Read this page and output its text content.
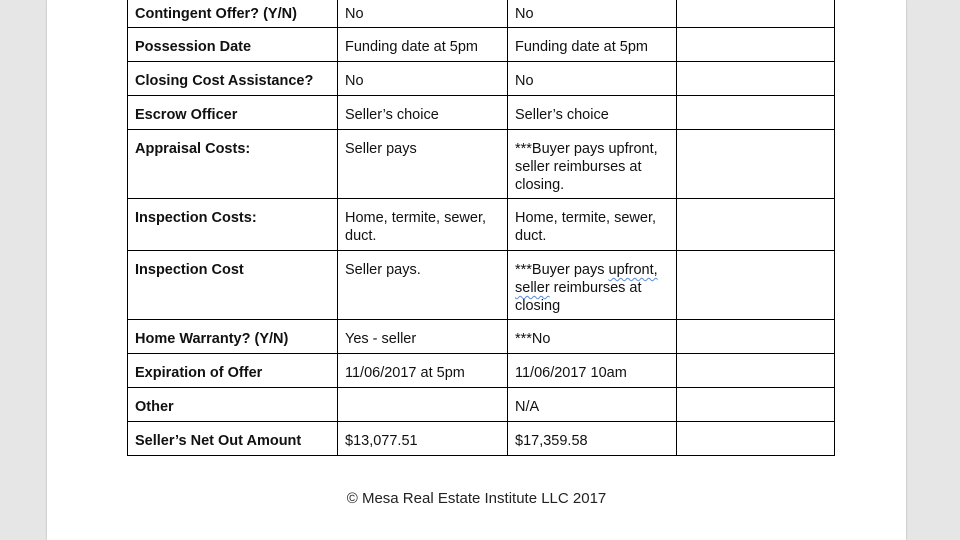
Contingent Offer? (Y/N)	No	No	
Possession Date	Funding date at 5pm	Funding date at 5pm	
Closing Cost Assistance?	No	No	
Escrow Officer	Seller’s choice	Seller’s choice	
Appraisal Costs:	Seller pays	***Buyer pays upfront, seller reimburses at closing.	
Inspection Costs:	Home, termite, sewer, duct.	Home, termite, sewer, duct.	
Inspection Cost	Seller pays.	***Buyer pays upfront, seller reimburses at closing	
Home Warranty? (Y/N)	Yes - seller	***No	
Expiration of Offer	11/06/2017 at 5pm	11/06/2017 10am	
Other		N/A	
Seller’s Net Out Amount	$13,077.51	$17,359.58	
© Mesa Real Estate Institute LLC 2017
